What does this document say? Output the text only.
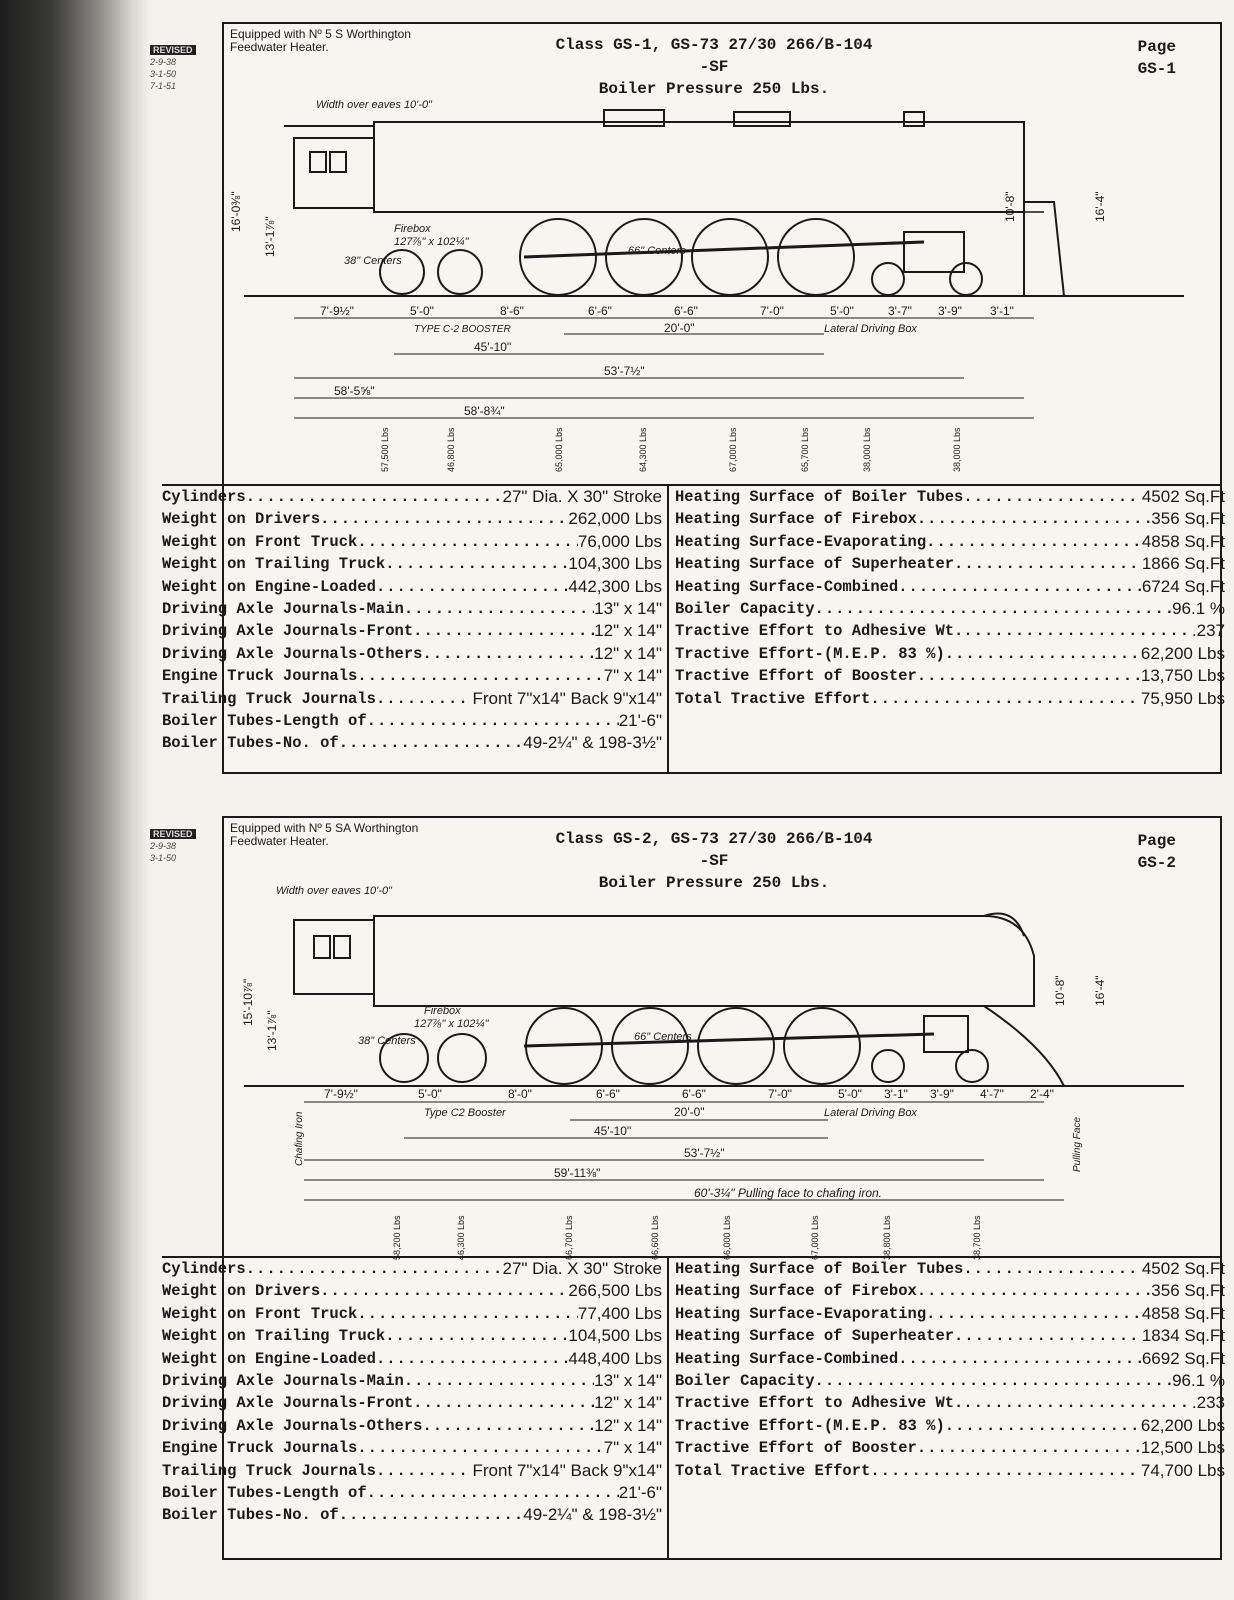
REVISED
2-9-38
3-1-50
7-1-51
Equipped with Nº 5 S Worthington Feedwater Heater.	Class GS-1, GS-73 27/30 266/B-104 -SF
Boiler Pressure 250 Lbs.
Page
GS-1
Width over eaves 10'-0"
Firebox
127⅞" x 102¼"
38" Centers
66" Centers
16'-0⅜"
13'-1⅞"
10'-8"	16'-4"
7'-9½"	5'-0"	8'-6"	6'-6"	6'-6"	7'-0"	5'-0"	3'-7" 3'-9" 3'-1"
TYPE C-2 BOOSTER	20'-0"	Lateral Driving Box
45'-10"
53'-7½"
58'-5⅝"
58'-8¾"
57,500 Lbs	46,800 Lbs	65,000 Lbs	64,300 Lbs	67,000 Lbs	65,700 Lbs	38,000 Lbs	38,000 Lbs
Cylinders .....	27" Dia. X 30" Stroke
Weight on Drivers .....	262,000 Lbs
Weight on Front Truck .....	76,000 Lbs
Weight on Trailing Truck .....	104,300 Lbs
Weight on Engine-Loaded .....	442,300 Lbs
Driving Axle Journals-Main .....	13" x 14"
Driving Axle Journals-Front .....	12" x 14"
Driving Axle Journals-Others .....	12" x 14"
Engine Truck Journals .....	7" x 14"
Trailing Truck Journals .....	Front 7"x14" Back 9"x14"
Boiler Tubes-Length of .....	21'-6"
Boiler Tubes-No. of .....	49-2¼" & 198-3½"
Heating Surface of Boiler Tubes .....	4502 Sq.Ft
Heating Surface of Firebox .....	356 Sq.Ft
Heating Surface-Evaporating .....	4858 Sq.Ft
Heating Surface of Superheater .....	1866 Sq.Ft
Heating Surface-Combined .....	6724 Sq.Ft
Boiler Capacity .....	96.1 %
Tractive Effort to Adhesive Wt. .....	.237
Tractive Effort-(M.E.P. 83 %) .....	62,200 Lbs
Tractive Effort of Booster .....	13,750 Lbs
Total Tractive Effort .....	75,950 Lbs
REVISED
2-9-38
3-1-50
Equipped with Nº 5 SA Worthington Feedwater Heater.	Class GS-2, GS-73 27/30 266/B-104 -SF
Boiler Pressure 250 Lbs.
Page
GS-2
Width over eaves 10'-0"
Firebox
127⅞" x 102¼"
38" Centers	66" Centers
15'-10⅞"
13'-1⅞"
10'-8" 16'-4"
7'-9½"	5'-0"	8'-0"	6'-6"	6'-6"	7'-0"	5'-0" 3'-1" 3'-9" 4'-7" 2'-4"
Type C2 Booster	20'-0"	Lateral Driving Box
45'-10"
53'-7½"
59'-11⅜"
60'-3¼" Pulling face to chafing iron.
Chafing Iron	Pulling Face
58,200 Lbs	46,300 Lbs	66,700 Lbs	66,600 Lbs	66,000 Lbs	67,000 Lbs	38,800 Lbs	38,700 Lbs
Cylinders .....	27" Dia. X 30" Stroke
Weight on Drivers .....	266,500 Lbs
Weight on Front Truck .....	77,400 Lbs
Weight on Trailing Truck .....	104,500 Lbs
Weight on Engine-Loaded .....	448,400 Lbs
Driving Axle Journals-Main .....	13" x 14"
Driving Axle Journals-Front .....	12" x 14"
Driving Axle Journals-Others .....	12" x 14"
Engine Truck Journals .....	7" x 14"
Trailing Truck Journals .....	Front 7"x14" Back 9"x14"
Boiler Tubes-Length of .....	21'-6"
Boiler Tubes-No. of .....	49-2¼" & 198-3½"
Heating Surface of Boiler Tubes .....	4502 Sq.Ft
Heating Surface of Firebox .....	356 Sq.Ft
Heating Surface-Evaporating .....	4858 Sq.Ft
Heating Surface of Superheater .....	1834 Sq.Ft
Heating Surface-Combined .....	6692 Sq.Ft
Boiler Capacity .....	96.1 %
Tractive Effort to Adhesive Wt. .....	.233
Tractive Effort-(M.E.P. 83 %) .....	62,200 Lbs
Tractive Effort of Booster .....	12,500 Lbs
Total Tractive Effort .....	74,700 Lbs
